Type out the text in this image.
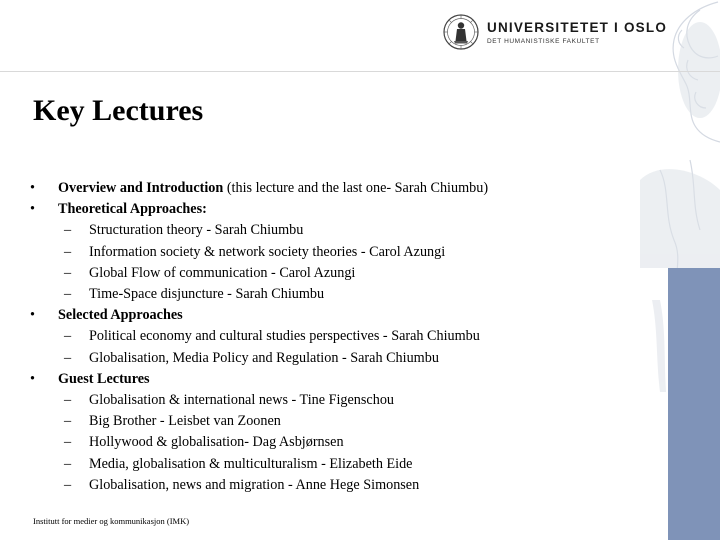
UNIVERSITETET I OSLO
DET HUMANISTISKE FAKULTET
Key Lectures
• Overview and Introduction (this lecture and the last one- Sarah Chiumbu)
• Theoretical Approaches:
– Structuration theory - Sarah Chiumbu
– Information society & network society theories - Carol Azungi
– Global Flow of communication - Carol Azungi
– Time-Space disjuncture - Sarah Chiumbu
• Selected Approaches
– Political economy and cultural studies perspectives - Sarah Chiumbu
– Globalisation, Media Policy and Regulation - Sarah Chiumbu
• Guest Lectures
– Globalisation & international news - Tine Figenschou
– Big Brother - Leisbet van Zoonen
– Hollywood & globalisation- Dag Asbjørnsen
– Media, globalisation & multiculturalism - Elizabeth Eide
– Globalisation, news and migration - Anne Hege Simonsen
Institutt for medier og kommunikasjon (IMK)
